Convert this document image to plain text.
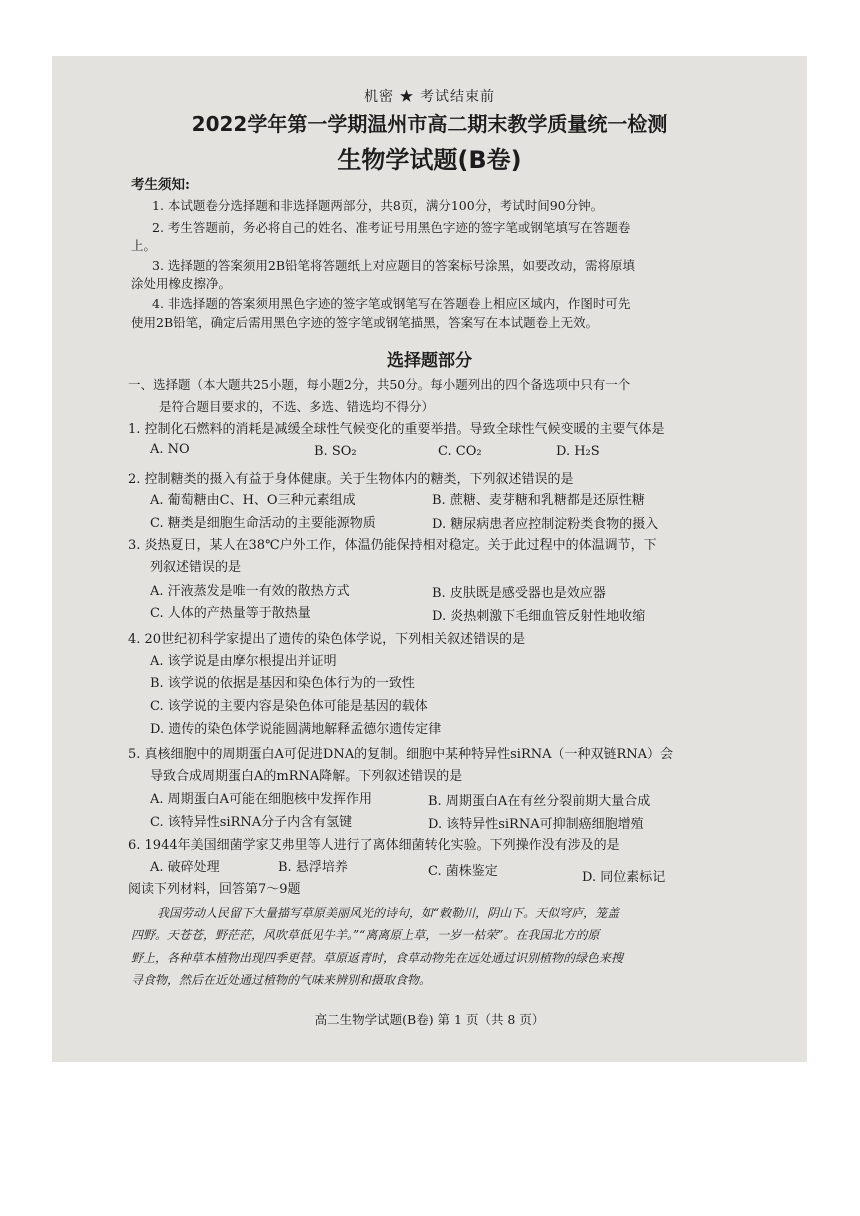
机密 ★ 考试结束前
2022学年第一学期温州市高二期末教学质量统一检测
生物学试题(B卷)
考生须知:
1. 本试题卷分选择题和非选择题两部分，共8页，满分100分，考试时间90分钟。
2. 考生答题前，务必将自己的姓名、准考证号用黑色字迹的签字笔或钢笔填写在答题卷
上。
3. 选择题的答案须用2B铅笔将答题纸上对应题目的答案标号涂黑，如要改动，需将原填
涂处用橡皮擦净。
4. 非选择题的答案须用黑色字迹的签字笔或钢笔写在答题卷上相应区域内，作图时可先
使用2B铅笔，确定后需用黑色字迹的签字笔或钢笔描黑，答案写在本试题卷上无效。
选择题部分
一、选择题（本大题共25小题，每小题2分，共50分。每小题列出的四个备选项中只有一个
是符合题目要求的，不选、多选、错选均不得分）
1. 控制化石燃料的消耗是减缓全球性气候变化的重要举措。导致全球性气候变暖的主要气体是
A. NO	B. SO₂	C. CO₂	D. H₂S
2. 控制糖类的摄入有益于身体健康。关于生物体内的糖类，下列叙述错误的是
A. 葡萄糖由C、H、O三种元素组成	B. 蔗糖、麦芽糖和乳糖都是还原性糖
C. 糖类是细胞生命活动的主要能源物质	D. 糖尿病患者应控制淀粉类食物的摄入
3. 炎热夏日，某人在38℃户外工作，体温仍能保持相对稳定。关于此过程中的体温调节，下
列叙述错误的是
A. 汗液蒸发是唯一有效的散热方式	B. 皮肤既是感受器也是效应器
C. 人体的产热量等于散热量	D. 炎热刺激下毛细血管反射性地收缩
4. 20世纪初科学家提出了遗传的染色体学说，下列相关叙述错误的是
A. 该学说是由摩尔根提出并证明
B. 该学说的依据是基因和染色体行为的一致性
C. 该学说的主要内容是染色体可能是基因的载体
D. 遗传的染色体学说能圆满地解释孟德尔遗传定律
5. 真核细胞中的周期蛋白A可促进DNA的复制。细胞中某种特异性siRNA（一种双链RNA）会
导致合成周期蛋白A的mRNA降解。下列叙述错误的是
A. 周期蛋白A可能在细胞核中发挥作用	B. 周期蛋白A在有丝分裂前期大量合成
C. 该特异性siRNA分子内含有氢键	D. 该特异性siRNA可抑制癌细胞增殖
6. 1944年美国细菌学家艾弗里等人进行了离体细菌转化实验。下列操作没有涉及的是
A. 破碎处理	B. 悬浮培养	C. 菌株鉴定	D. 同位素标记
阅读下列材料，回答第7～9题
我国劳动人民留下大量描写草原美丽风光的诗句，如“敕勒川，阴山下。天似穹庐，笼盖
四野。天苍苍，野茫茫，风吹草低见牛羊。”“离离原上草，一岁一枯荣”。在我国北方的原
野上，各种草本植物出现四季更替。草原返青时，食草动物先在远处通过识别植物的绿色来搜
寻食物，然后在近处通过植物的气味来辨别和摄取食物。
高二生物学试题(B卷) 第 1 页（共 8 页）
